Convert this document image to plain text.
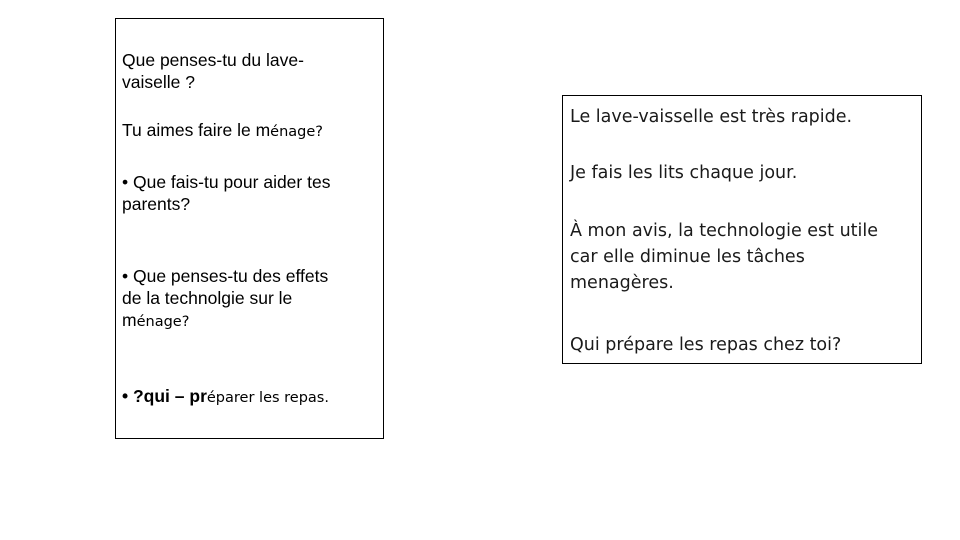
Que penses-tu du lave-
vaiselle ?

Tu aimes faire le ménage?

• Que fais-tu pour aider tes
parents?

• Que penses-tu des effets
de la technolgie sur le
ménage?

• ?qui – préparer les repas.

Le lave-vaisselle est très rapide.

Je fais les lits chaque jour.

À mon avis, la technologie est utile
car elle diminue les tâches
menagères.

Qui prépare les repas chez toi?
